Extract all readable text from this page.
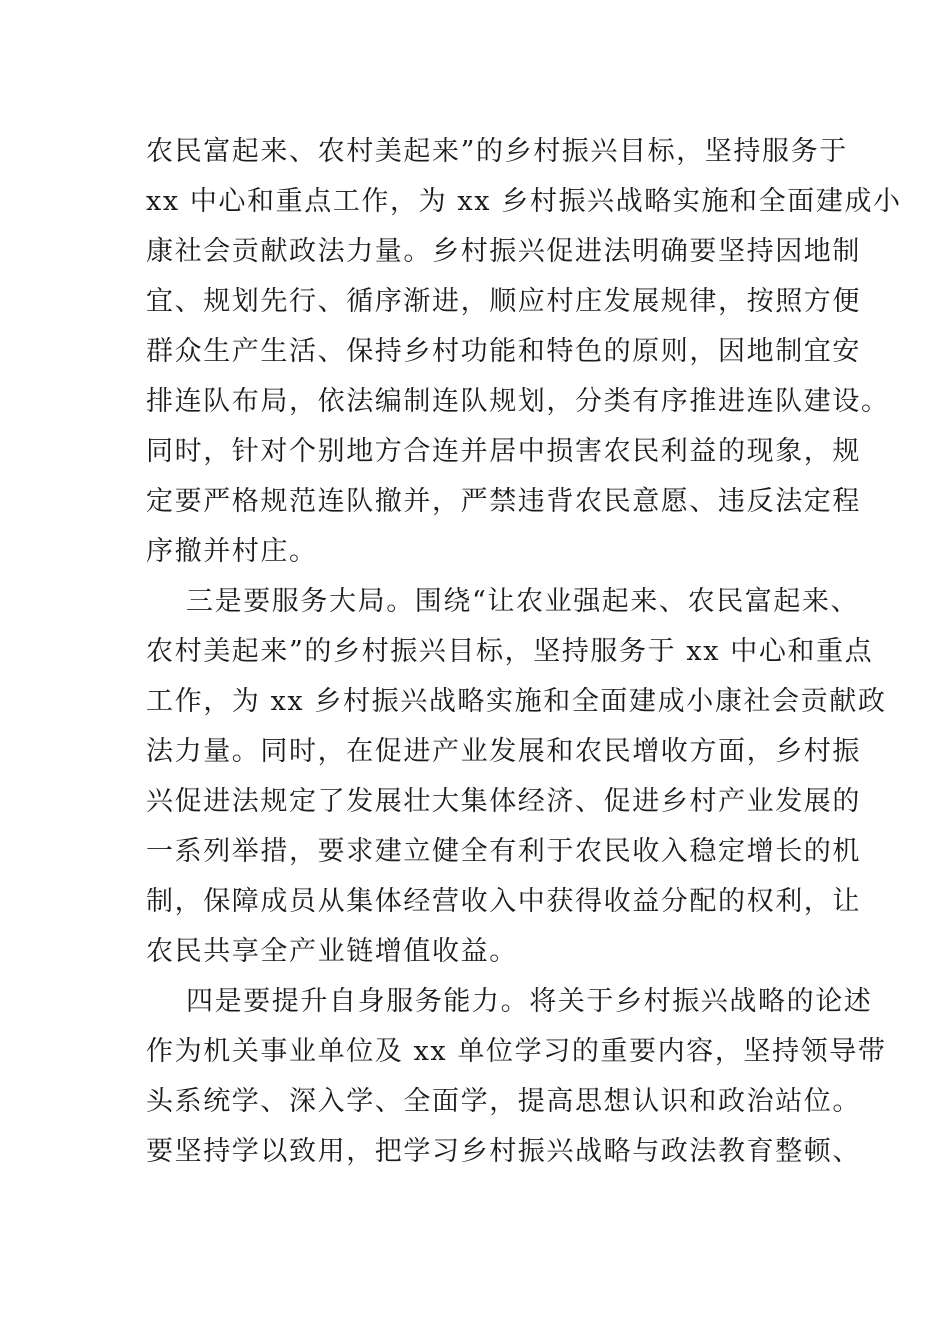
农民富起来、农村美起来”的乡村振兴目标，坚持服务于
xx 中心和重点工作，为 xx 乡村振兴战略实施和全面建成小
康社会贡献政法力量。乡村振兴促进法明确要坚持因地制
宜、规划先行、循序渐进，顺应村庄发展规律，按照方便
群众生产生活、保持乡村功能和特色的原则，因地制宜安
排连队布局，依法编制连队规划，分类有序推进连队建设。
同时，针对个别地方合连并居中损害农民利益的现象，规
定要严格规范连队撤并，严禁违背农民意愿、违反法定程
序撤并村庄。
三是要服务大局。围绕“让农业强起来、农民富起来、
农村美起来”的乡村振兴目标，坚持服务于 xx 中心和重点
工作，为 xx 乡村振兴战略实施和全面建成小康社会贡献政
法力量。同时，在促进产业发展和农民增收方面，乡村振
兴促进法规定了发展壮大集体经济、促进乡村产业发展的
一系列举措，要求建立健全有利于农民收入稳定增长的机
制，保障成员从集体经营收入中获得收益分配的权利，让
农民共享全产业链增值收益。
四是要提升自身服务能力。将关于乡村振兴战略的论述
作为机关事业单位及 xx 单位学习的重要内容，坚持领导带
头系统学、深入学、全面学，提高思想认识和政治站位。
要坚持学以致用，把学习乡村振兴战略与政法教育整顿、
